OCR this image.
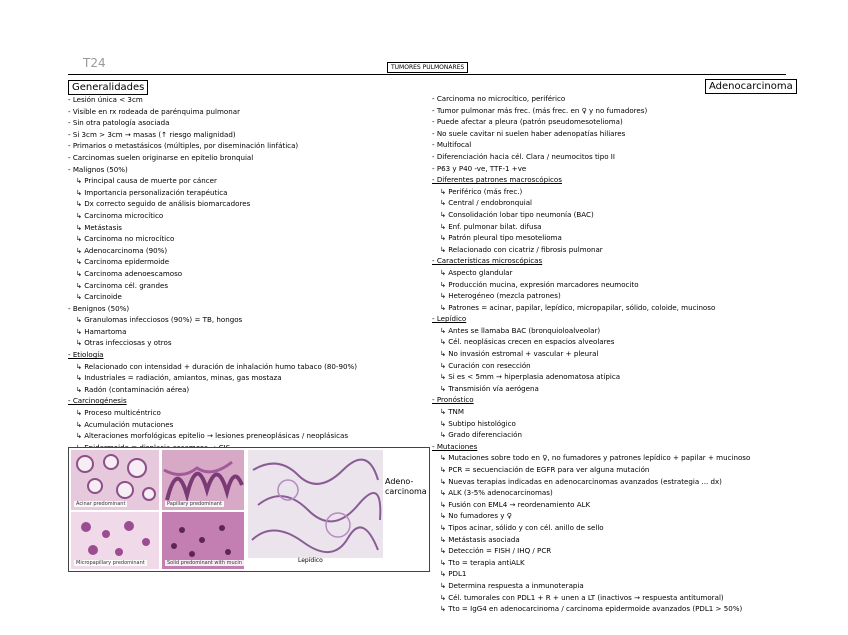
T24	TUMORES PULMONARES
Generalidades	Adenocarcinoma
- Lesión única < 3cm
- Visible en rx rodeada de parénquima pulmonar
- Sin otra patología asociada
- Si 3cm > 3cm → masas (↑ riesgo malignidad)
- Primarios o metastásicos (múltiples, por diseminación linfática)
- Carcinomas suelen originarse en epitelio bronquial
- Malignos (50%)
↳ Principal causa de muerte por cáncer
↳ Importancia personalización terapéutica
↳ Dx correcto seguido de análisis biomarcadores
↳ Carcinoma microcítico
↳ Metástasis
↳ Carcinoma no microcítico
↳ Adenocarcinoma (90%)
↳ Carcinoma epidermoide
↳ Carcinoma adenoescamoso
↳ Carcinoma cél. grandes
↳ Carcinoide
- Benignos (50%)
↳ Granulomas infecciosos (90%) = TB, hongos
↳ Hamartoma
↳ Otras infecciosas y otros
- Etiología
↳ Relacionado con intensidad + duración de inhalación humo tabaco (80-90%)
↳ Industriales = radiación, amiantos, minas, gas mostaza
↳ Radón (contaminación aérea)
- Carcinogénesis
↳ Proceso multicéntrico
↳ Acumulación mutaciones
↳ Alteraciones morfológicas epitelio → lesiones preneoplásicas / neoplásicas
- Carcinoma no microcítico, periférico
- Tumor pulmonar más frec. (más frec. en ♀ y no fumadores)
- Puede afectar a pleura (patrón pseudomesotelioma)
- No suele cavitar ni suelen haber adenopatías hiliares
- Multifocal
- Diferenciación hacia cél. Clara / neumocitos tipo II
- P63 y P40 -ve, TTF-1 +ve
- Diferentes patrones macroscópicos
↳ Periférico (más frec.)
↳ Central / endobronquial
↳ Consolidación lobar tipo neumonía (BAC)
↳ Enf. pulmonar bilat. difusa
↳ Patrón pleural tipo mesotelioma
↳ Relacionado con cicatriz / fibrosis pulmonar
- Características microscópicas
↳ Aspecto glandular
↳ Producción mucina, expresión marcadores neumocito
↳ Heterogéneo (mezcla patrones)
↳ Patrones = acinar, papilar, lepídico, micropapilar, sólido, coloide, mucinoso
- Lepídico
↳ Antes se llamaba BAC (bronquioloalveolar)
↳ Cél. neoplásicas crecen en espacios alveolares
↳ No invasión estromal + vascular + pleural
↳ Curación con resección
↳ Si es < 5mm → hiperplasia adenomatosa atípica
↳ Transmisión vía aerógena
- Pronóstico
↳ TNM
↳ Subtipo histológico
↳ Grado diferenciación
- Mutaciones
↳ Mutaciones sobre todo en ♀, no fumadores y patrones lepídico + papilar + mucinoso
↳ PCR = secuenciación de EGFR para ver alguna mutación
↳ Nuevas terapias indicadas en adenocarcinomas avanzados (estrategia ... dx)
↳ ALK (3-5% adenocarcinomas)
↳ Fusión con EML4 → reordenamiento ALK
↳ No fumadores y ♀
↳ Tipos acinar, sólido y con cél. anillo de sello
↳ Metástasis asociada
↳ Detección = FISH / IHQ / PCR
↳ Tto = terapia antiALK
↳ PDL1
↳ Determina respuesta a inmunoterapia
↳ Cél. tumorales con PDL1 + R + unen a LT (inactivos → respuesta antitumoral)
↳ Tto = IgG4 en adenocarcinoma / carcinoma epidermoide avanzados (PDL1 > 50%)
Acinar predominant	Papillary predominant
Micropapillary predominant	Solid predominant with mucin
Adeno-carcinoma
Lepídico
